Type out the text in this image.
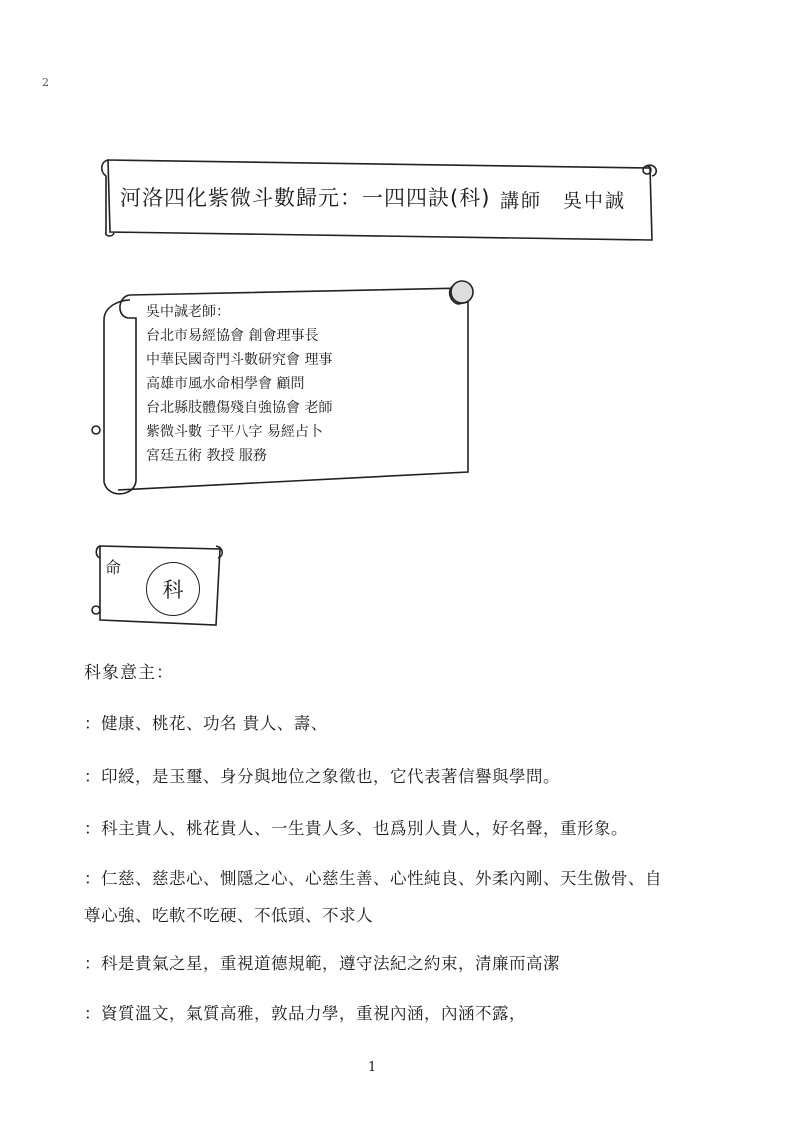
2
河洛四化紫微斗數歸元：一四四訣(科) 講師　吳中誠
吳中誠老師：
台北市易經協會 創會理事長
中華民國奇門斗數研究會 理事
高雄市風水命相學會 顧問
台北縣肢體傷殘自強協會 老師
紫微斗數 子平八字 易經占卜
宮廷五術 教授 服務
命
科
科象意主：
：健康、桃花、功名 貴人、壽、
：印綬，是玉璽、身分與地位之象徵也，它代表著信譽與學問。
：科主貴人、桃花貴人、一生貴人多、也爲別人貴人，好名聲，重形象。
：仁慈、慈悲心、惻隱之心、心慈生善、心性純良、外柔內剛、天生傲骨、自
尊心強、吃軟不吃硬、不低頭、不求人
：科是貴氣之星，重視道德規範，遵守法紀之約束，清廉而高潔
：資質溫文，氣質高雅，敦品力學，重視內涵，內涵不露，
1
